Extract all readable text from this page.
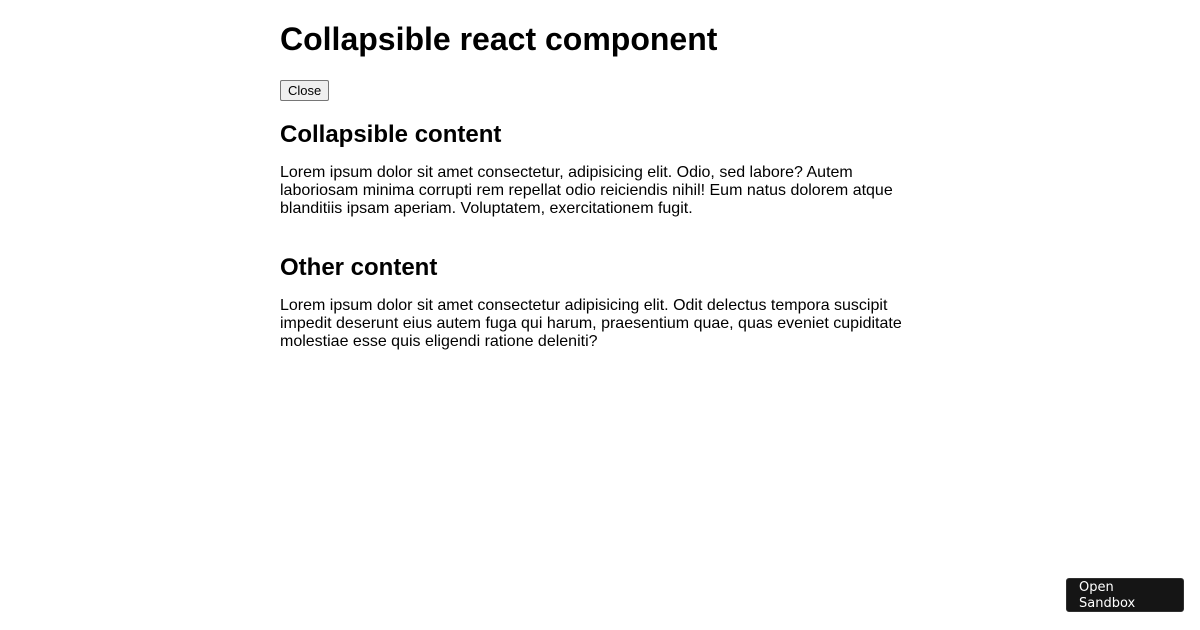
Collapsible react component
Close
Collapsible content

Lorem ipsum dolor sit amet consectetur, adipisicing elit. Odio, sed labore? Autem laboriosam minima corrupti rem repellat odio reiciendis nihil! Eum natus dolorem atque blanditiis ipsam aperiam. Voluptatem, exercitationem fugit.

Other content

Lorem ipsum dolor sit amet consectetur adipisicing elit. Odit delectus tempora suscipit impedit deserunt eius autem fuga qui harum, praesentium quae, quas eveniet cupiditate molestiae esse quis eligendi ratione deleniti?

Open Sandbox
